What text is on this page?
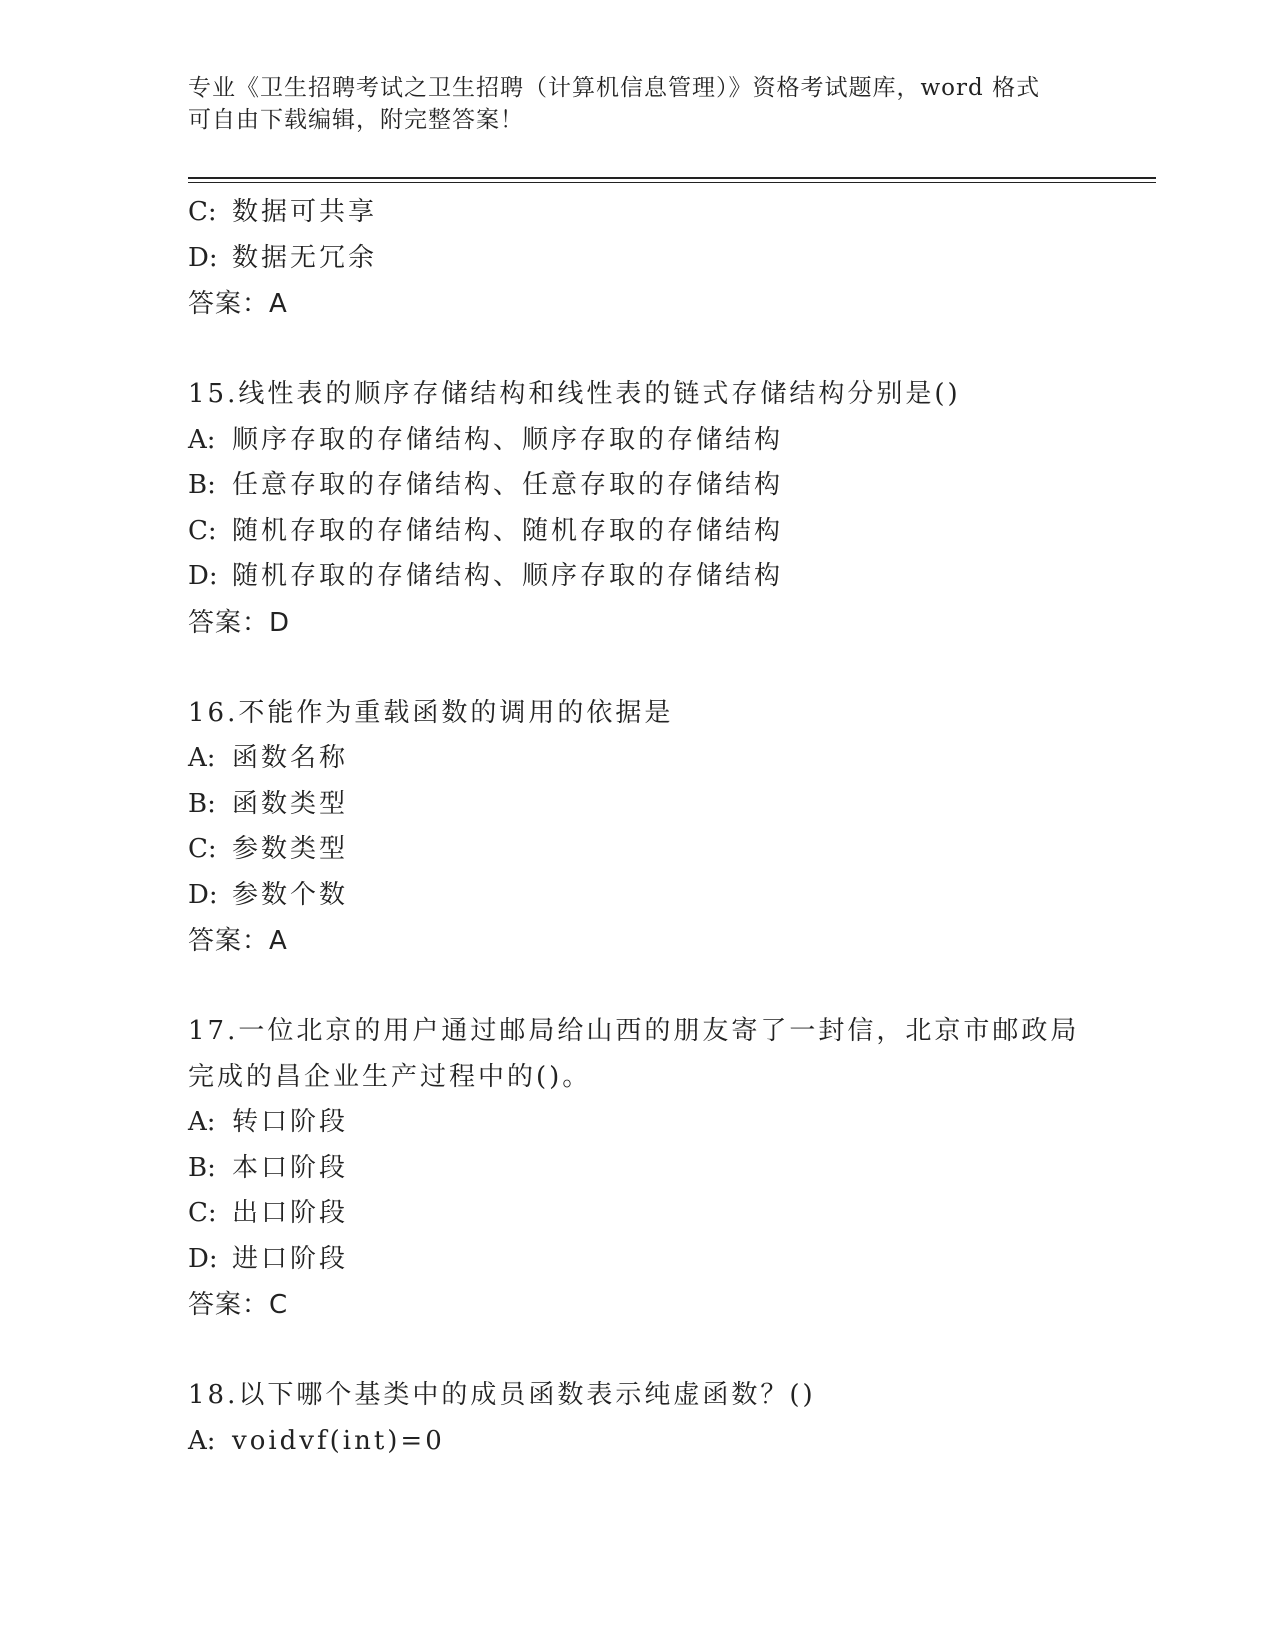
专业《卫生招聘考试之卫生招聘（计算机信息管理）》资格考试题库，word 格式
可自由下载编辑，附完整答案！
C: 数据可共享
D: 数据无冗余
答案：A
15.线性表的顺序存储结构和线性表的链式存储结构分别是()
A: 顺序存取的存储结构、顺序存取的存储结构
B: 任意存取的存储结构、任意存取的存储结构
C: 随机存取的存储结构、随机存取的存储结构
D: 随机存取的存储结构、顺序存取的存储结构
答案：D
16.不能作为重载函数的调用的依据是
A: 函数名称
B: 函数类型
C: 参数类型
D: 参数个数
答案：A
17.一位北京的用户通过邮局给山西的朋友寄了一封信，北京市邮政局
完成的昌企业生产过程中的()。
A: 转口阶段
B: 本口阶段
C: 出口阶段
D: 进口阶段
答案：C
18.以下哪个基类中的成员函数表示纯虚函数？()
A: voidvf(int)=0
